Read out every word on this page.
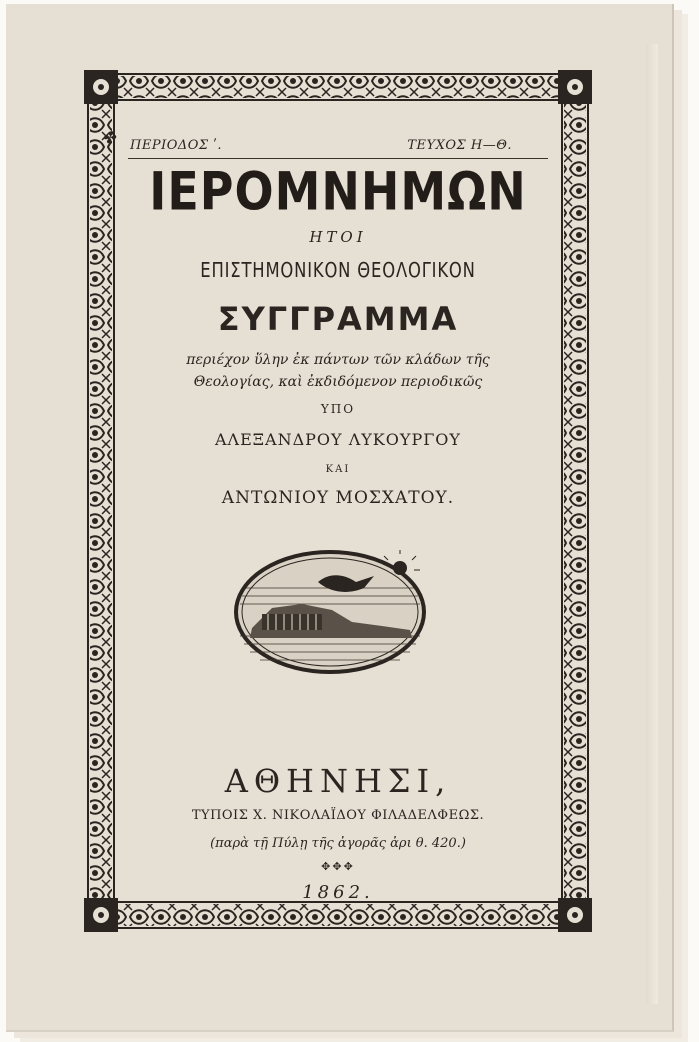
✤ ΠΕΡΙΟΔΟΣ ʹ.	ΤΕΥΧΟΣ Η—Θ.
ΙΕΡΟΜΝΗΜΩΝ
ΗΤΟΙ
ΕΠΙΣΤΗΜΟΝΙΚΟΝ ΘΕΟΛΟΓΙΚΟΝ
ΣΥΓΓΡΑΜΜΑ
περιέχον ὕλην ἐκ πάντων τῶν κλάδων τῆς
Θεολογίας, καὶ ἐκδιδόμενον περιοδικῶς
ΥΠΟ
ΑΛΕΞΑΝΔΡΟΥ ΛΥΚΟΥΡΓΟΥ
ΚΑΙ
ΑΝΤΩΝΙΟΥ ΜΟΣΧΑΤΟΥ.
ΑΘΗΝΗΣΙ,
ΤΥΠΟΙΣ Χ. ΝΙΚΟΛΑΪΔΟΥ ΦΙΛΑΔΕΛΦΕΩΣ.
(παρὰ τῇ Πύλῃ τῆς ἀγορᾶς ἀρι θ. 420.)
✥✥✥
1862.
